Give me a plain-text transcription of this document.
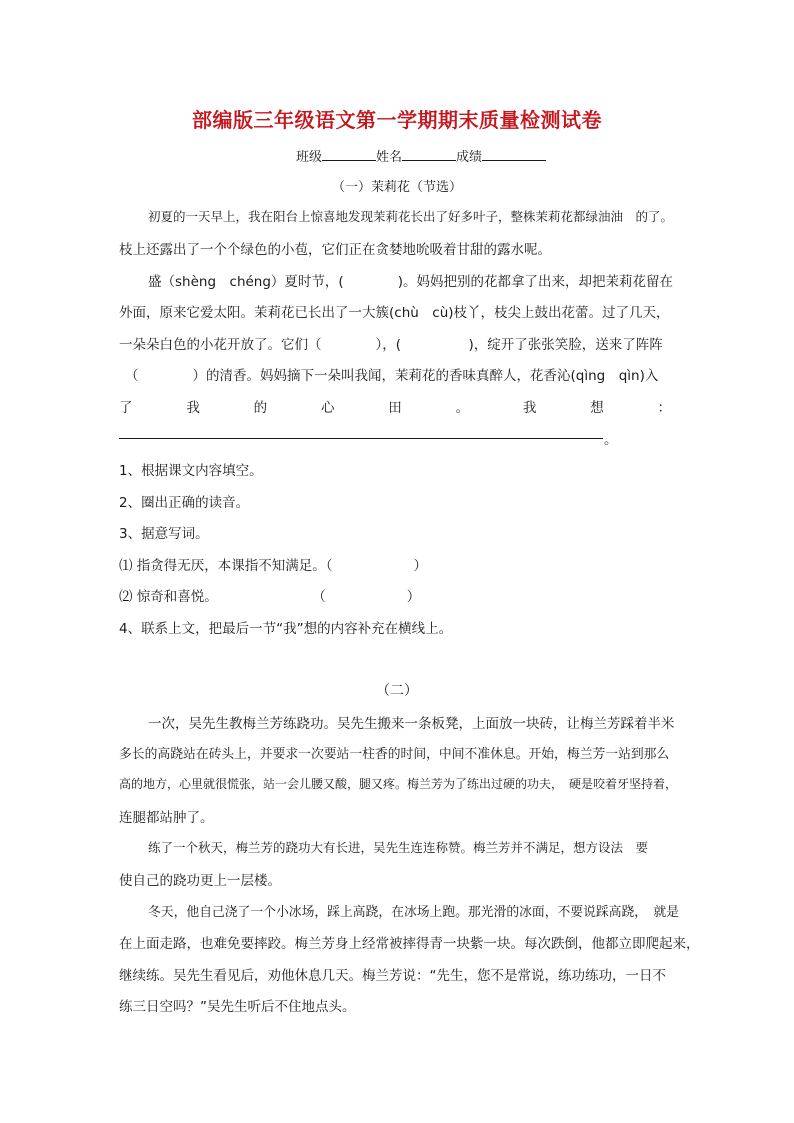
部编版三年级语文第一学期期末质量检测试卷
班级	姓名	成绩
（一）茉莉花（节选）
初夏的一天早上，我在阳台上惊喜地发现茉莉花长出了好多叶子，整株茉莉花都绿油油　的了。
枝上还露出了一个个绿色的小苞，它们正在贪婪地吮吸着甘甜的露水呢。
盛（shèng　chéng）夏时节，(　　　　)。妈妈把别的花都拿了出来，却把茉莉花留在
外面，原来它爱太阳。茉莉花已长出了一大簇(chù　cù)枝丫，枝尖上鼓出花蕾。过了几天，
一朵朵白色的小花开放了。它们（　　　　），(　　　　　)，绽开了张张笑脸，送来了阵阵
（　　　　）的清香。妈妈摘下一朵叫我闻，茉莉花的香味真醉人，花香沁(qìng　qìn)入
了	我	的	心	田	。	我	想	：
。
1、根据课文内容填空。
2、圈出正确的读音。
3、据意写词。
⑴ 指贪得无厌，本课指不知满足。（　　　　　　）
⑵ 惊奇和喜悦。　　　　　　　　（　　　　　　）
4、联系上文，把最后一节“我”想的内容补充在横线上。
（二）
一次，吴先生教梅兰芳练跷功。吴先生搬来一条板凳，上面放一块砖，让梅兰芳踩着半米
多长的高跷站在砖头上，并要求一次要站一柱香的时间，中间不准休息。开始，梅兰芳一站到那么
高的地方，心里就很慌张，站一会儿腰又酸，腿又疼。梅兰芳为了练出过硬的功夫，　硬是咬着牙坚持着，
连腿都站肿了。
练了一个秋天，梅兰芳的跷功大有长进，吴先生连连称赞。梅兰芳并不满足，想方设法　要
使自己的跷功更上一层楼。
冬天，他自己浇了一个小冰场，踩上高跷，在冰场上跑。那光滑的冰面，不要说踩高跷，　就是
在上面走路，也难免要摔跤。梅兰芳身上经常被摔得青一块紫一块。每次跌倒，他都立即爬起来，
继续练。吴先生看见后，劝他休息几天。梅兰芳说：“先生，您不是常说，练功练功，一日不
练三日空吗？”吴先生听后不住地点头。
